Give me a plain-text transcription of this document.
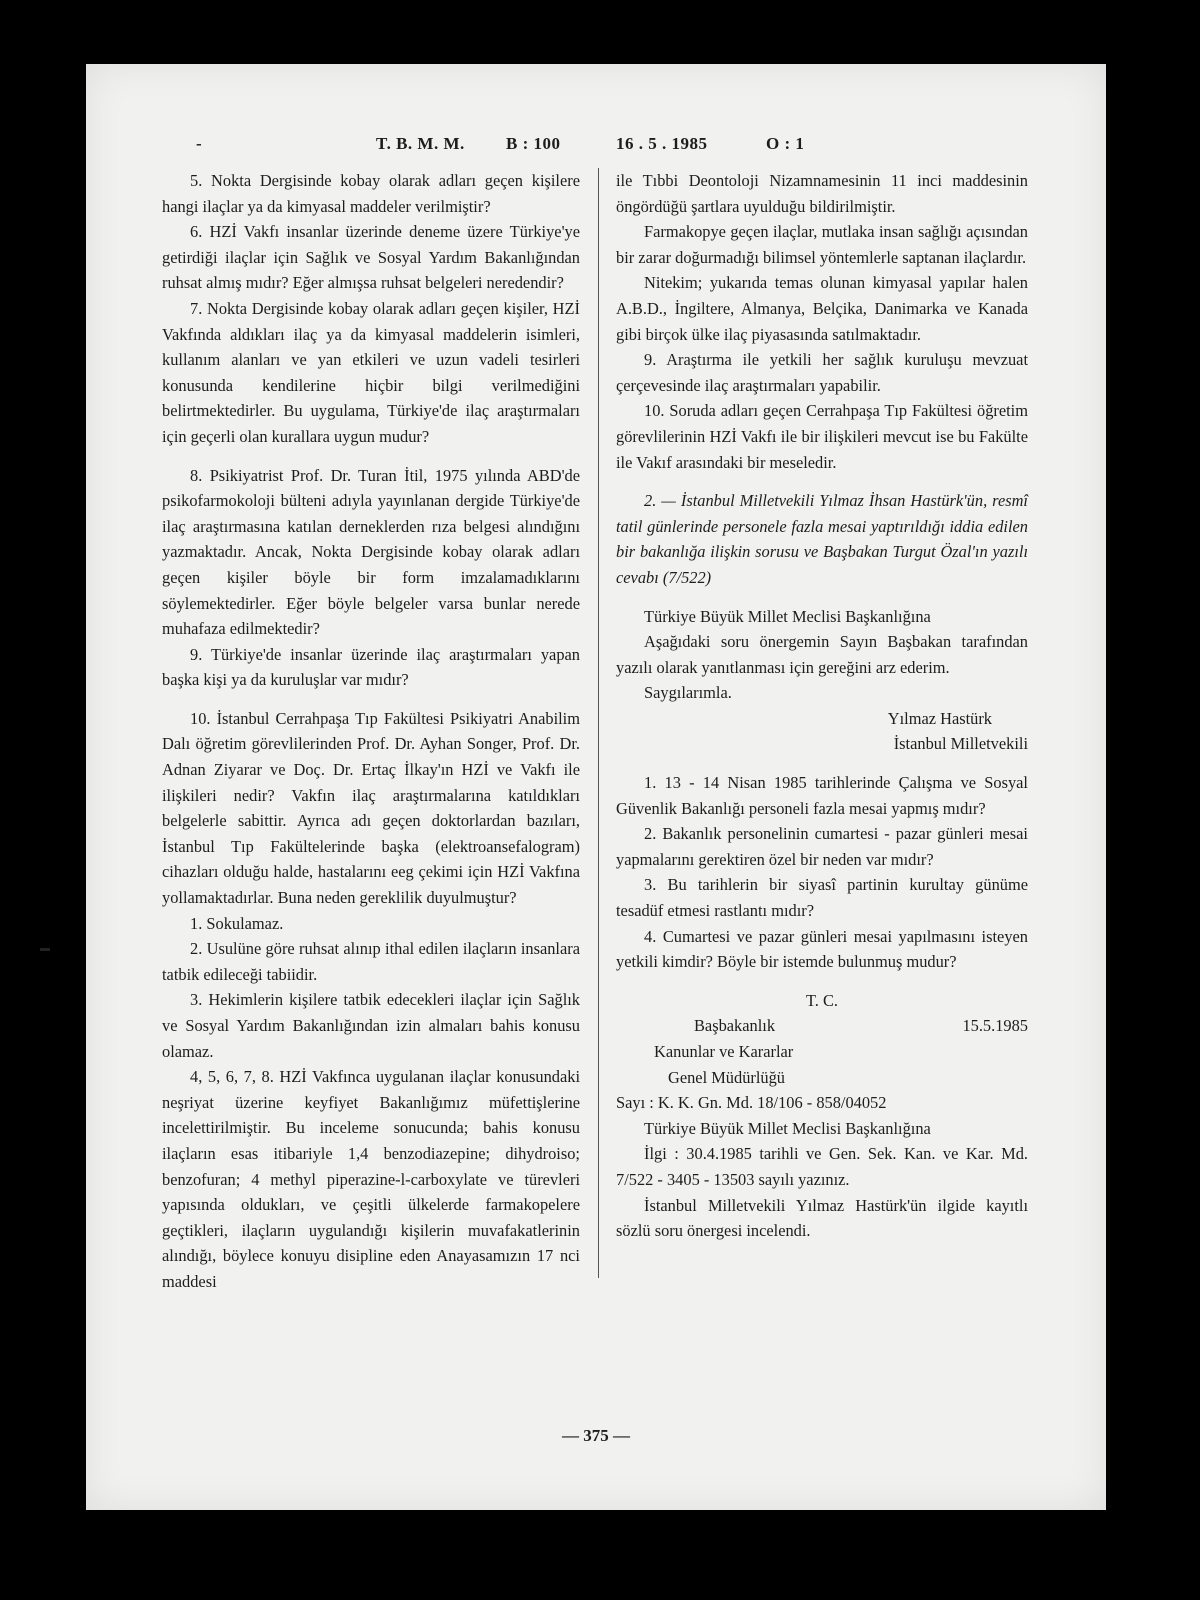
-	T. B. M. M. B : 100	16 . 5 . 1985	O : 1

5. Nokta Dergisinde kobay olarak adları geçen kişilere hangi ilaçlar ya da kimyasal maddeler verilmiştir?

6. HZİ Vakfı insanlar üzerinde deneme üzere Türkiye'ye getirdiği ilaçlar için Sağlık ve Sosyal Yardım Bakanlığından ruhsat almış mıdır? Eğer almışsa ruhsat belgeleri neredendir?

7. Nokta Dergisinde kobay olarak adları geçen kişiler, HZİ Vakfında aldıkları ilaç ya da kimyasal maddelerin isimleri, kullanım alanları ve yan etkileri ve uzun vadeli tesirleri konusunda kendilerine hiçbir bilgi verilmediğini belirtmektedirler. Bu uygulama, Türkiye'de ilaç araştırmaları için geçerli olan kurallara uygun mudur?

8. Psikiyatrist Prof. Dr. Turan İtil, 1975 yılında ABD'de psikofarmokoloji bülteni adıyla yayınlanan dergide Türkiye'de ilaç araştırmasına katılan derneklerden rıza belgesi alındığını yazmaktadır. Ancak, Nokta Dergisinde kobay olarak adları geçen kişiler böyle bir form imzalamadıklarını söylemektedirler. Eğer böyle belgeler varsa bunlar nerede muhafaza edilmektedir?

9. Türkiye'de insanlar üzerinde ilaç araştırmaları yapan başka kişi ya da kuruluşlar var mıdır?

10. İstanbul Cerrahpaşa Tıp Fakültesi Psikiyatri Anabilim Dalı öğretim görevlilerinden Prof. Dr. Ayhan Songer, Prof. Dr. Adnan Ziyarar ve Doç. Dr. Ertaç İlkay'ın HZİ ve Vakfı ile ilişkileri nedir? Vakfın ilaç araştırmalarına katıldıkları belgelerle sabittir. Ayrıca adı geçen doktorlardan bazıları, İstanbul Tıp Fakültelerinde başka (elektroansefalogram) cihazları olduğu halde, hastalarını eeg çekimi için HZİ Vakfına yollamaktadırlar. Buna neden gereklilik duyulmuştur?

1. Sokulamaz.

2. Usulüne göre ruhsat alınıp ithal edilen ilaçların insanlara tatbik edileceği tabiidir.

3. Hekimlerin kişilere tatbik edecekleri ilaçlar için Sağlık ve Sosyal Yardım Bakanlığından izin almaları bahis konusu olamaz.

4, 5, 6, 7, 8. HZİ Vakfınca uygulanan ilaçlar konusundaki neşriyat üzerine keyfiyet Bakanlığımız müfettişlerine incelettirilmiştir. Bu inceleme sonucunda; bahis konusu ilaçların esas itibariyle 1,4 benzodiazepine; dihydroiso; benzofuran; 4 methyl piperazine-l-carboxylate ve türevleri yapısında oldukları, ve çeşitli ülkelerde farmakopelere geçtikleri, ilaçların uygulandığı kişilerin muvafakatlerinin alındığı, böylece konuyu disipline eden Anayasamızın 17 nci maddesi

ile Tıbbi Deontoloji Nizamnamesinin 11 inci maddesinin öngördüğü şartlara uyulduğu bildirilmiştir.

Farmakopye geçen ilaçlar, mutlaka insan sağlığı açısından bir zarar doğurmadığı bilimsel yöntemlerle saptanan ilaçlardır.

Nitekim; yukarıda temas olunan kimyasal yapılar halen A.B.D., İngiltere, Almanya, Belçika, Danimarka ve Kanada gibi birçok ülke ilaç piyasasında satılmaktadır.

9. Araştırma ile yetkili her sağlık kuruluşu mevzuat çerçevesinde ilaç araştırmaları yapabilir.

10. Soruda adları geçen Cerrahpaşa Tıp Fakültesi öğretim görevlilerinin HZİ Vakfı ile bir ilişkileri mevcut ise bu Fakülte ile Vakıf arasındaki bir meseledir.

2. — İstanbul Milletvekili Yılmaz İhsan Hastürk'ün, resmî tatil günlerinde personele fazla mesai yaptırıldığı iddia edilen bir bakanlığa ilişkin sorusu ve Başbakan Turgut Özal'ın yazılı cevabı (7/522)

Türkiye Büyük Millet Meclisi Başkanlığına

Aşağıdaki soru önergemin Sayın Başbakan tarafından yazılı olarak yanıtlanması için gereğini arz ederim.

Saygılarımla.

Yılmaz Hastürk

İstanbul Milletvekili

1. 13 - 14 Nisan 1985 tarihlerinde Çalışma ve Sosyal Güvenlik Bakanlığı personeli fazla mesai yapmış mıdır?

2. Bakanlık personelinin cumartesi - pazar günleri mesai yapmalarını gerektiren özel bir neden var mıdır?

3. Bu tarihlerin bir siyasî partinin kurultay günüme tesadüf etmesi rastlantı mıdır?

4. Cumartesi ve pazar günleri mesai yapılmasını isteyen yetkili kimdir? Böyle bir istemde bulunmuş mudur?

T. C.

Başbakanlık	15.5.1985

Kanunlar ve Kararlar

Genel Müdürlüğü

Sayı : K. K. Gn. Md. 18/106 - 858/04052

Türkiye Büyük Millet Meclisi Başkanlığına

İlgi : 30.4.1985 tarihli ve Gen. Sek. Kan. ve Kar. Md. 7/522 - 3405 - 13503 sayılı yazınız.

İstanbul Milletvekili Yılmaz Hastürk'ün ilgide kayıtlı sözlü soru önergesi incelendi.

— 375 —
